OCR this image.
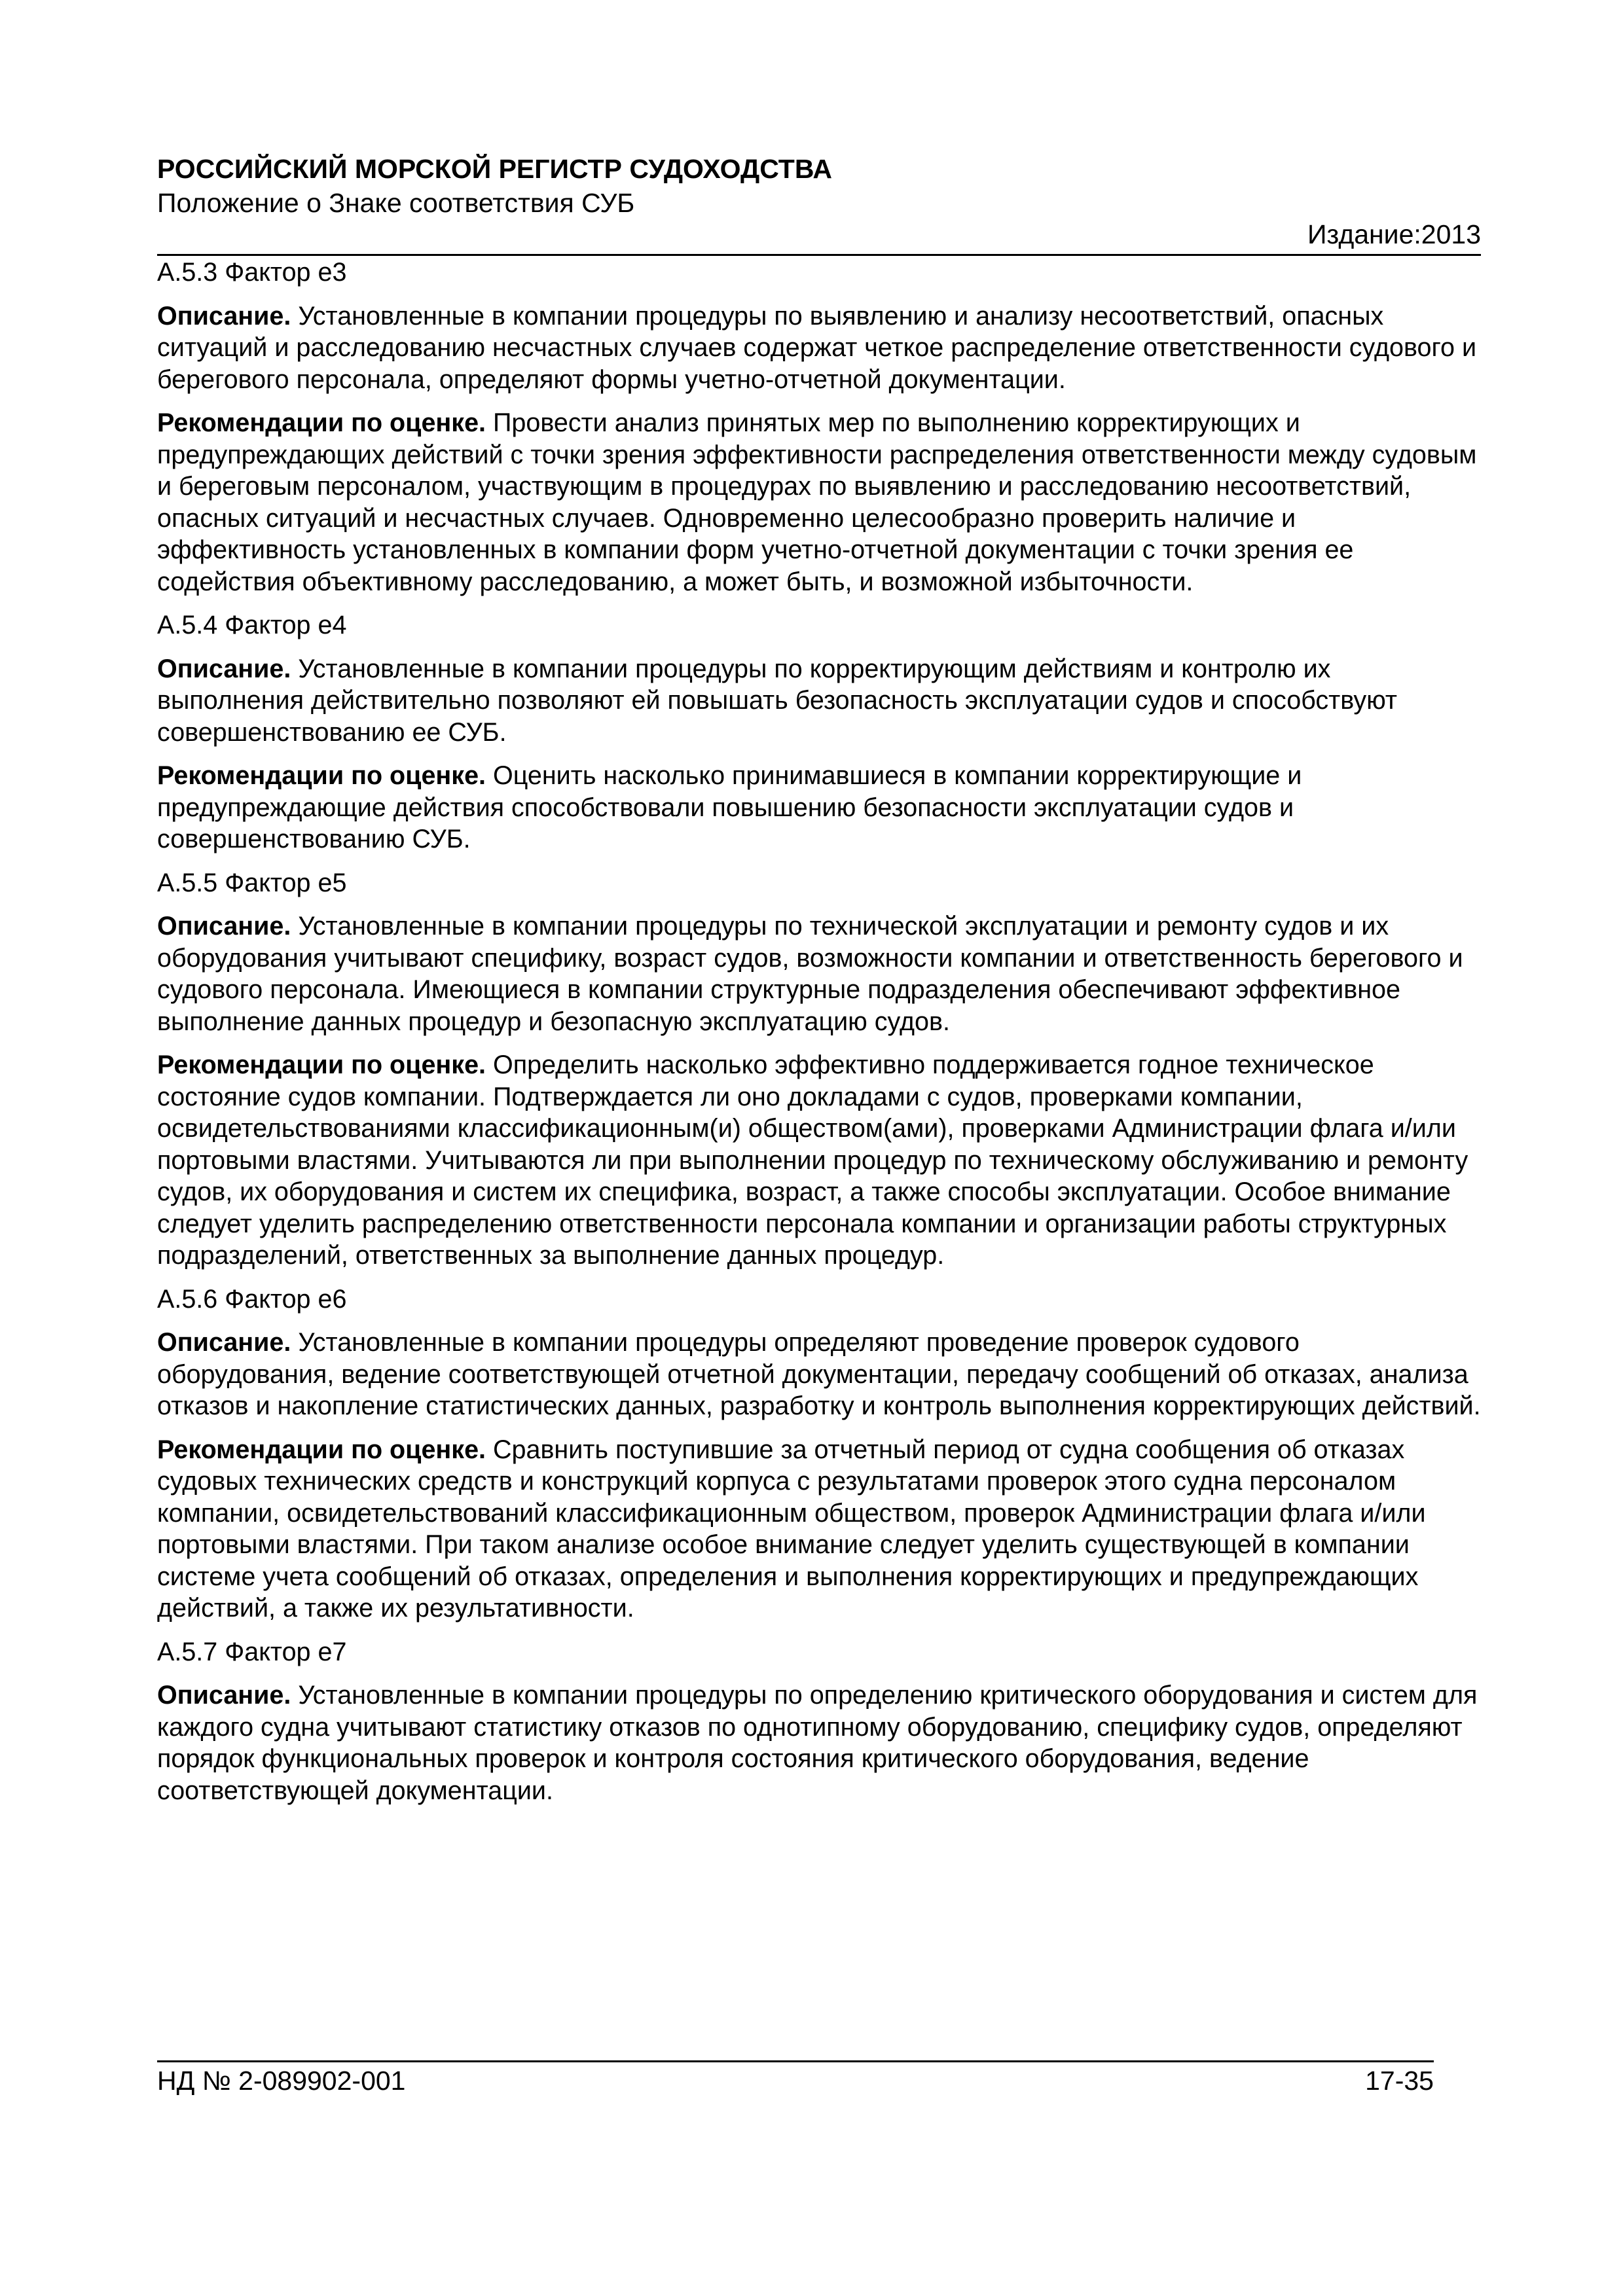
РОССИЙСКИЙ МОРСКОЙ РЕГИСТР СУДОХОДСТВА
Положение о Знаке соответствия СУБ
Издание:2013
А.5.3 Фактор е3

Описание. Установленные в компании процедуры по выявлению и анализу несоответствий, опасных ситуаций и расследованию несчастных случаев содержат четкое распределение ответственности судового и берегового персонала, определяют формы учетно-отчетной документации.

Рекомендации по оценке. Провести анализ принятых мер по выполнению корректирующих и предупреждающих действий с точки зрения эффективности распределения ответственности между судовым и береговым персоналом, участвующим в процедурах по выявлению и расследованию несоответствий, опасных ситуаций и несчастных случаев. Одновременно целесообразно проверить наличие и эффективность установленных в компании форм учетно-отчетной документации с точки зрения ее содействия объективному расследованию, а может быть, и возможной избыточности.

А.5.4 Фактор е4

Описание. Установленные в компании процедуры по корректирующим действиям и контролю их выполнения действительно позволяют ей повышать безопасность эксплуатации судов и способствуют совершенствованию ее СУБ.

Рекомендации по оценке. Оценить насколько принимавшиеся в компании корректирующие и предупреждающие действия способствовали повышению безопасности эксплуатации судов и совершенствованию СУБ.

А.5.5 Фактор е5

Описание. Установленные в компании процедуры по технической эксплуатации и ремонту судов и их оборудования учитывают специфику, возраст судов, возможности компании и ответственность берегового и судового персонала. Имеющиеся в компании структурные подразделения обеспечивают эффективное выполнение данных процедур и безопасную эксплуатацию судов.

Рекомендации по оценке. Определить насколько эффективно поддерживается годное техническое состояние судов компании. Подтверждается ли оно докладами с судов, проверками компании, освидетельствованиями классификационным(и) обществом(ами), проверками Администрации флага и/или портовыми властями. Учитываются ли при выполнении процедур по техническому обслуживанию и ремонту судов, их оборудования и систем их специфика, возраст, а также способы эксплуатации. Особое внимание следует уделить распределению ответственности персонала компании и организации работы структурных подразделений, ответственных за выполнение данных процедур.

А.5.6 Фактор е6

Описание. Установленные в компании процедуры определяют проведение проверок судового оборудования, ведение соответствующей отчетной документации, передачу сообщений об отказах, анализа отказов и накопление статистических данных, разработку и контроль выполнения корректирующих действий.

Рекомендации по оценке. Сравнить поступившие за отчетный период от судна сообщения об отказах судовых технических средств и конструкций корпуса с результатами проверок этого судна персоналом компании, освидетельствований классификационным обществом, проверок Администрации флага и/или портовыми властями. При таком анализе особое внимание следует уделить существующей в компании системе учета сообщений об отказах, определения и выполнения корректирующих и предупреждающих действий, а также их результативности.

А.5.7 Фактор е7

Описание. Установленные в компании процедуры по определению критического оборудования и систем для каждого судна учитывают статистику отказов по однотипному оборудованию, специфику судов, определяют порядок функциональных проверок и контроля состояния критического оборудования, ведение соответствующей документации.

НД № 2-089902-001	17-35
